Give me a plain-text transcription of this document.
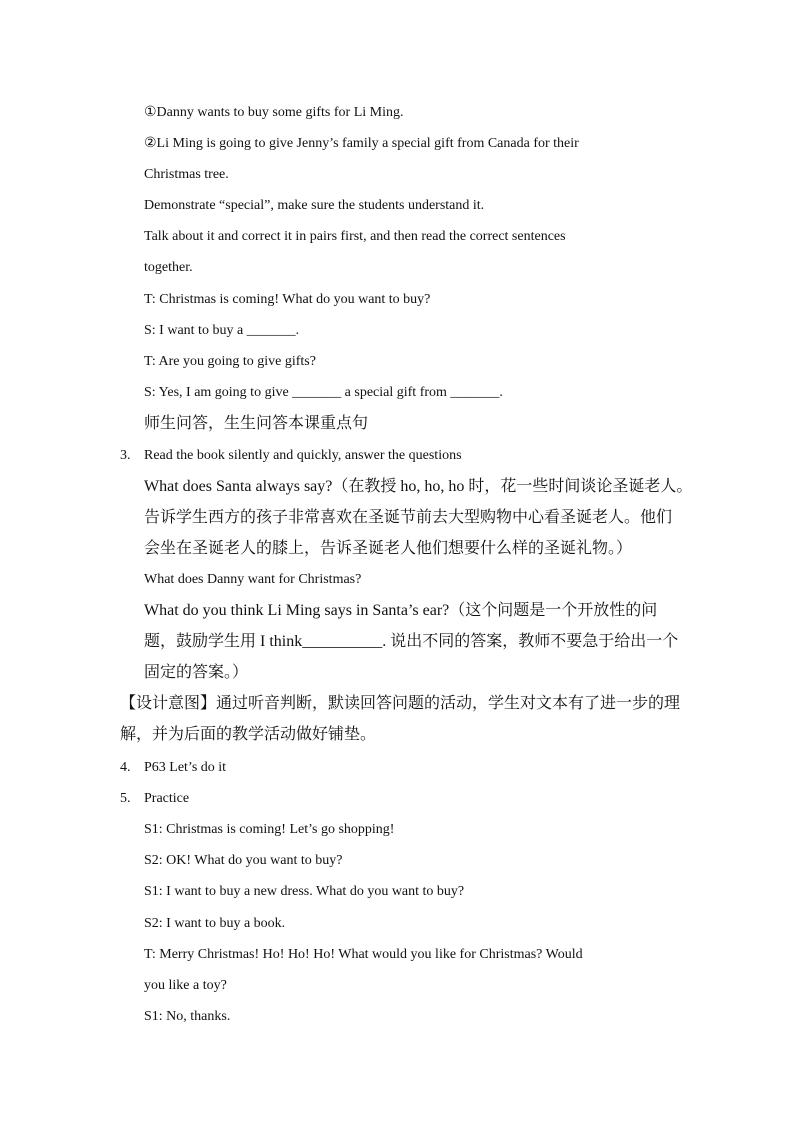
①Danny wants to buy some gifts for Li Ming.
②Li Ming is going to give Jenny’s family a special gift from Canada for their
Christmas tree.
Demonstrate “special”, make sure the students understand it.
Talk about it and correct it in pairs first, and then read the correct sentences
together.
T: Christmas is coming! What do you want to buy?
S: I want to buy a _______.
T: Are you going to give gifts?
S: Yes, I am going to give _______ a special gift from _______.
师生问答，生生问答本课重点句
3. Read the book silently and quickly, answer the questions
What does Santa always say?（在教授 ho, ho, ho 时，花一些时间谈论圣诞老人。
告诉学生西方的孩子非常喜欢在圣诞节前去大型购物中心看圣诞老人。他们
会坐在圣诞老人的膝上，告诉圣诞老人他们想要什么样的圣诞礼物。）
What does Danny want for Christmas?
What do you think Li Ming says in Santa’s ear?（这个问题是一个开放性的问
题，鼓励学生用 I think__________. 说出不同的答案，教师不要急于给出一个
固定的答案。）
【设计意图】通过听音判断，默读回答问题的活动，学生对文本有了进一步的理
解，并为后面的教学活动做好铺垫。
4. P63 Let’s do it
5. Practice
S1: Christmas is coming! Let’s go shopping!
S2: OK! What do you want to buy?
S1: I want to buy a new dress. What do you want to buy?
S2: I want to buy a book.
T: Merry Christmas! Ho! Ho! Ho! What would you like for Christmas? Would
you like a toy?
S1: No, thanks.
